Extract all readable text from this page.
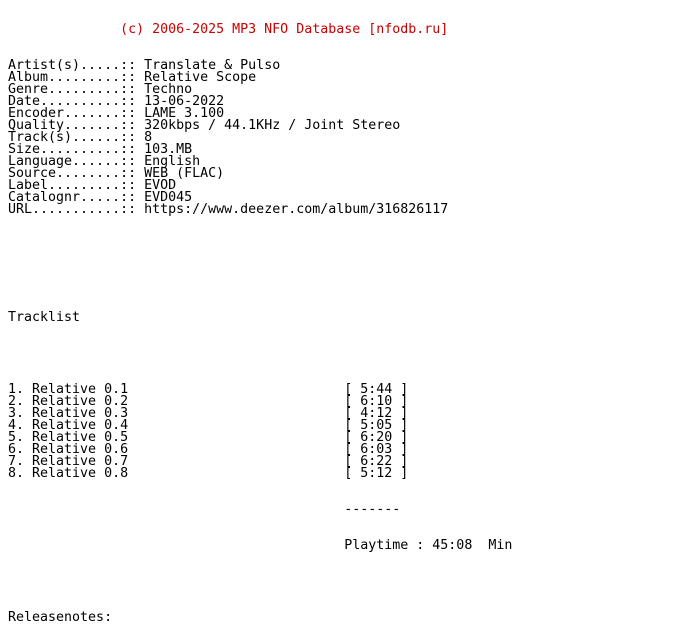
(c) 2006-2025 MP3 NFO Database [nfodb.ru]

Artist(s).....:: Translate & Pulso
Album.........:: Relative Scope
Genre.........:: Techno
Date..........:: 13-06-2022
Encoder.......:: LAME 3.100
Quality.......:: 320kbps / 44.1KHz / Joint Stereo
Track(s)......:: 8
Size..........:: 103.MB
Language......:: English
Source........:: WEB (FLAC)
Label.........:: EVOD
Catalognr.....:: EVD045
URL...........:: https://www.deezer.com/album/316826117

Tracklist

1. Relative 0.1	[ 5:44 ]
2. Relative 0.2	[ 6:10 ]
3. Relative 0.3	[ 4:12 ]
4. Relative 0.4	[ 5:05 ]
5. Relative 0.5	[ 6:20 ]
6. Relative 0.6	[ 6:03 ]
7. Relative 0.7	[ 6:22 ]
8. Relative 0.8	[ 5:12 ]

-------

Playtime : 45:08  Min

Releasenotes:
